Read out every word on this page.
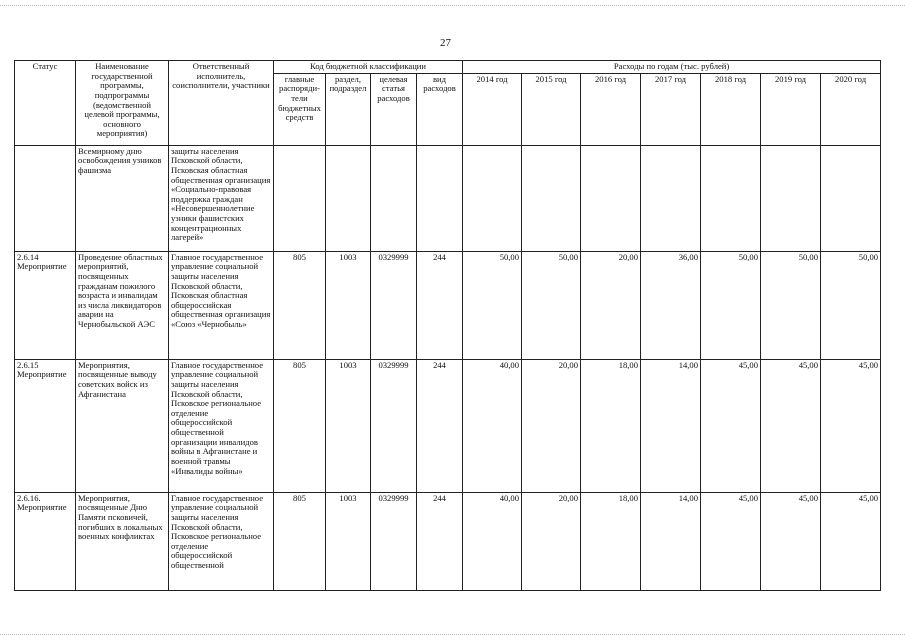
27
Статус	Наименование государственной программы, подпрограммы (ведомственной целевой программы, основного мероприятия)	Ответственный исполнитель, соисполнители, участники	Код бюджетной классификации				Расходы по годам (тыс. рублей)						
			главные распоряди-тели бюджетных средств	раздел, подраздел	целевая статья расходов	вид расходов	2014 год	2015 год	2016 год	2017 год	2018 год	2019 год	2020 год
	Всемирному дню освобождения узников фашизма	защиты населения Псковской области, Псковская областная общественная организация «Социально-правовая поддержка граждан «Несовершеннолетние узники фашистских концентрационных лагерей»											
2.6.14 Мероприятие	Проведение областных мероприятий, посвященных гражданам пожилого возраста и инвалидам из числа ликвидаторов аварии на Чернобыльской АЭС	Главное государственное управление социальной защиты населения Псковской области, Псковская областная общероссийская общественная организация «Союз «Чернобыль»	805	1003	0329999	244	50,00	50,00	20,00	36,00	50,00	50,00	50,00
2.6.15 Мероприятие	Мероприятия, посвященные выводу советских войск из Афганистана	Главное государственное управление социальной защиты населения Псковской области, Псковское региональное отделение общероссийской общественной организации инвалидов войны в Афганистане и военной травмы «Инвалиды войны»	805	1003	0329999	244	40,00	20,00	18,00	14,00	45,00	45,00	45,00
2.6.16. Мероприятие	Мероприятия, посвященные Дню Памяти псковичей, погибших в локальных военных конфликтах	Главное государственное управление социальной защиты населения Псковской области, Псковское региональное отделение общероссийской общественной	805	1003	0329999	244	40,00	20,00	18,00	14,00	45,00	45,00	45,00
